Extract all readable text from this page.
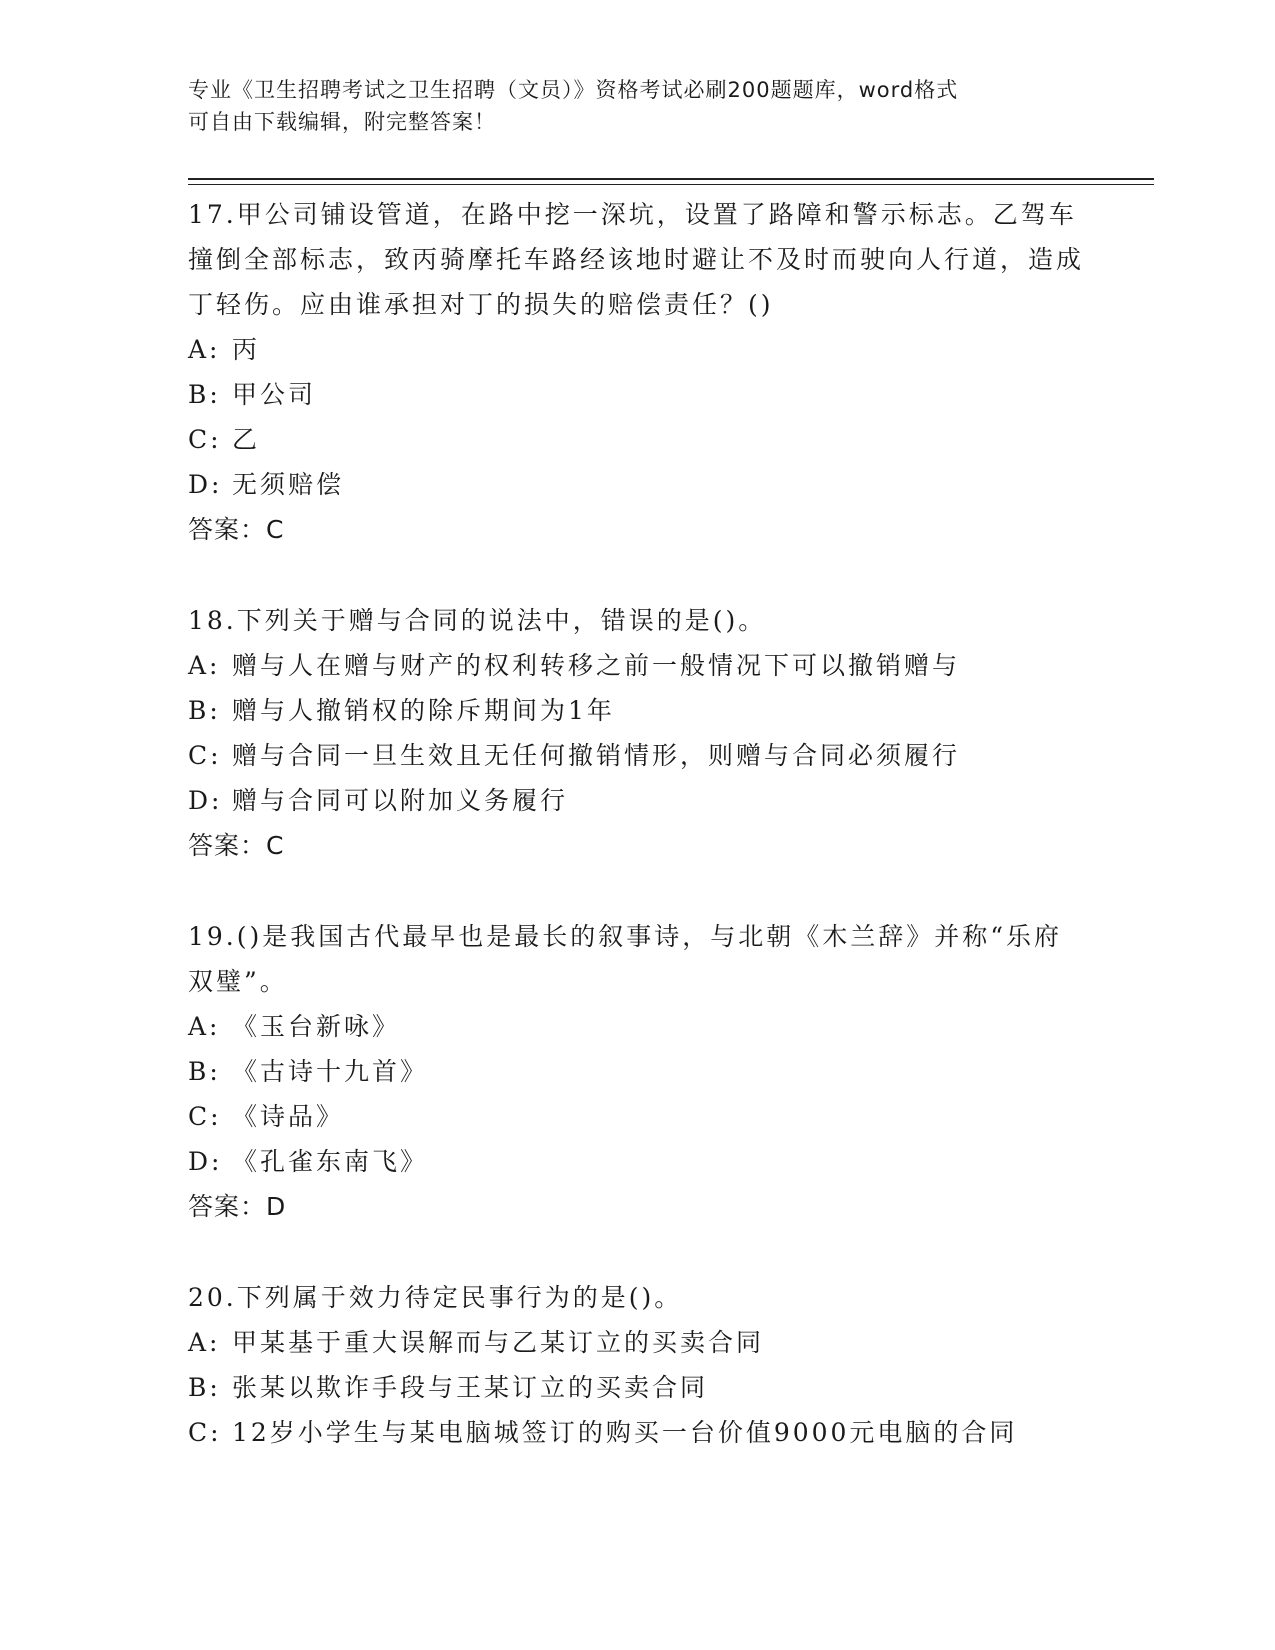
专业《卫生招聘考试之卫生招聘（文员）》资格考试必刷200题题库，word格式
可自由下载编辑，附完整答案！

17.甲公司铺设管道，在路中挖一深坑，设置了路障和警示标志。乙驾车撞倒全部标志，致丙骑摩托车路经该地时避让不及时而驶向人行道，造成丁轻伤。应由谁承担对丁的损失的赔偿责任？()

A: 丙
B: 甲公司
C: 乙
D: 无须赔偿

答案：C

18.下列关于赠与合同的说法中，错误的是()。

A: 赠与人在赠与财产的权利转移之前一般情况下可以撤销赠与
B: 赠与人撤销权的除斥期间为1年
C: 赠与合同一旦生效且无任何撤销情形，则赠与合同必须履行
D: 赠与合同可以附加义务履行

答案：C

19.()是我国古代最早也是最长的叙事诗，与北朝《木兰辞》并称“乐府双璧”。

A: 《玉台新咏》
B: 《古诗十九首》
C: 《诗品》
D: 《孔雀东南飞》

答案：D

20.下列属于效力待定民事行为的是()。

A: 甲某基于重大误解而与乙某订立的买卖合同
B: 张某以欺诈手段与王某订立的买卖合同
C: 12岁小学生与某电脑城签订的购买一台价值9000元电脑的合同
